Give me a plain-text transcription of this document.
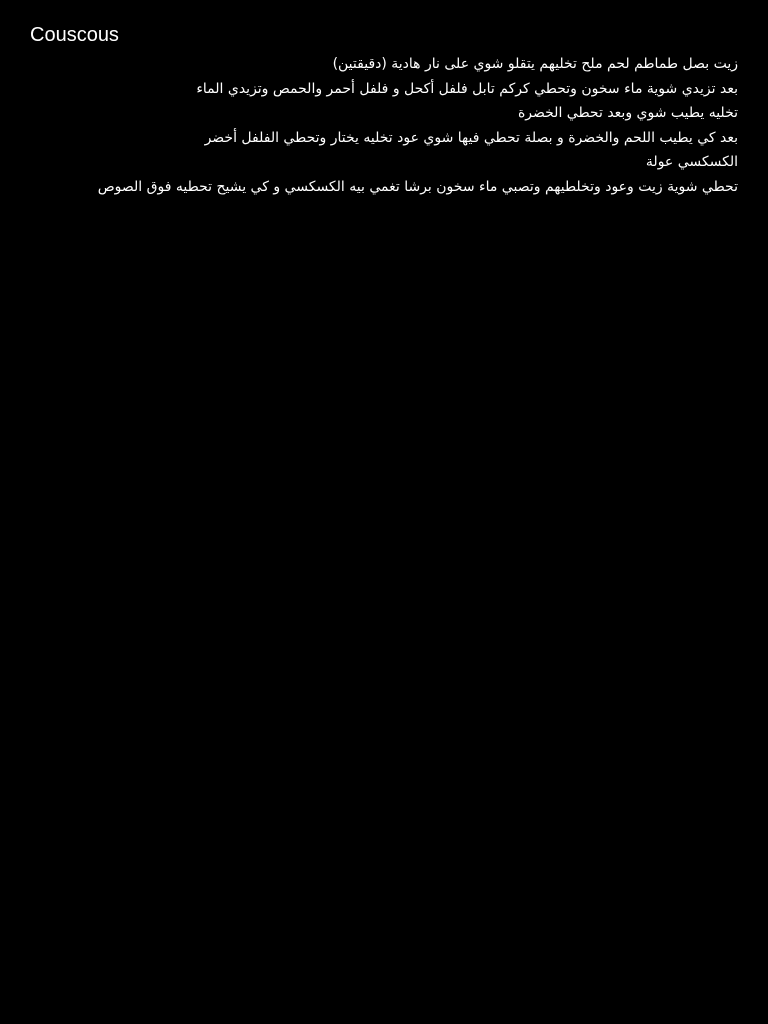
Couscous
زيت بصل طماطم لحم ملح تخليهم يتقلو شوي على نار هادية (دقيقتين)
بعد تزيدي شوية ماء سخون وتحطي كركم تابل فلفل أكحل و فلفل أحمر والحمص وتزيدي الماء
تخليه يطيب شوي وبعد تحطي الخضرة
بعد كي يطيب اللحم والخضرة و بصلة تحطي فيها شوي عود تخليه يختار وتحطي الفلفل أخضر
الكسكسي عولة
تحطي شوية زيت وعود وتخلطيهم وتصبي ماء سخون برشا تغمي بيه الكسكسي و كي يشيح تحطيه فوق الصوص
